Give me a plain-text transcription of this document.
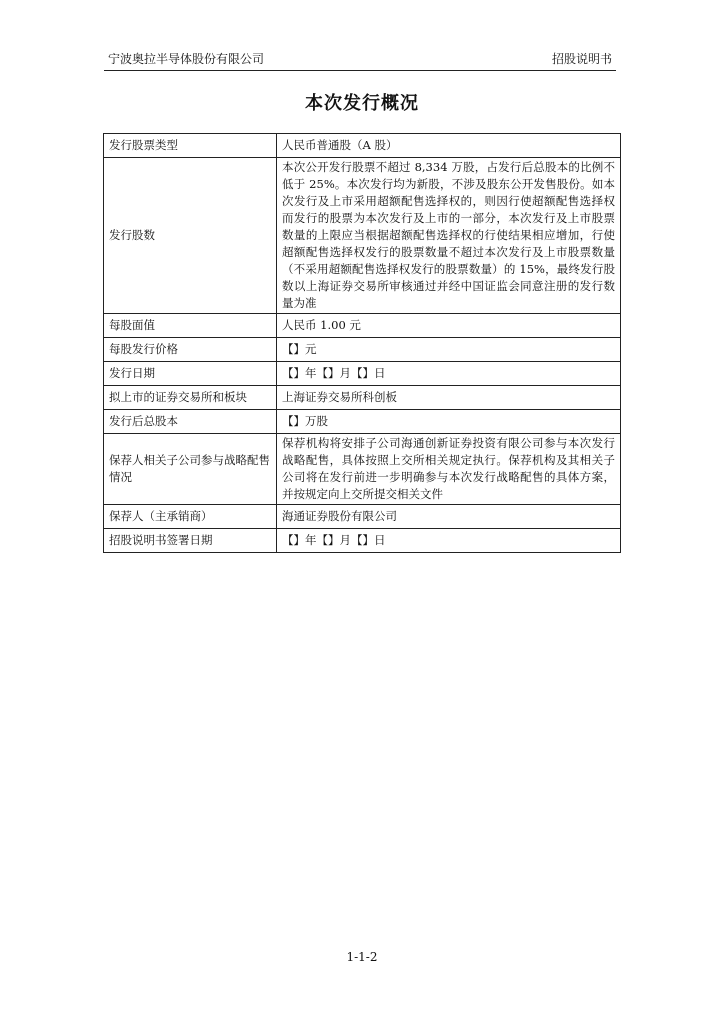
宁波奥拉半导体股份有限公司	招股说明书
本次发行概况
发行股票类型	人民币普通股（A 股）
发行股数	本次公开发行股票不超过 8,334 万股，占发行后总股本的比例不低于 25%。本次发行均为新股，不涉及股东公开发售股份。如本次发行及上市采用超额配售选择权的，则因行使超额配售选择权而发行的股票为本次发行及上市的一部分，本次发行及上市股票数量的上限应当根据超额配售选择权的行使结果相应增加，行使超额配售选择权发行的股票数量不超过本次发行及上市股票数量（不采用超额配售选择权发行的股票数量）的 15%，最终发行股数以上海证券交易所审核通过并经中国证监会同意注册的发行数量为准
每股面值	人民币 1.00 元
每股发行价格	【】元
发行日期	【】年【】月【】日
拟上市的证券交易所和板块	上海证券交易所科创板
发行后总股本	【】万股
保荐人相关子公司参与战略配售情况	保荐机构将安排子公司海通创新证券投资有限公司参与本次发行战略配售，具体按照上交所相关规定执行。保荐机构及其相关子公司将在发行前进一步明确参与本次发行战略配售的具体方案，并按规定向上交所提交相关文件
保荐人（主承销商）	海通证券股份有限公司
招股说明书签署日期	【】年【】月【】日
1-1-2
